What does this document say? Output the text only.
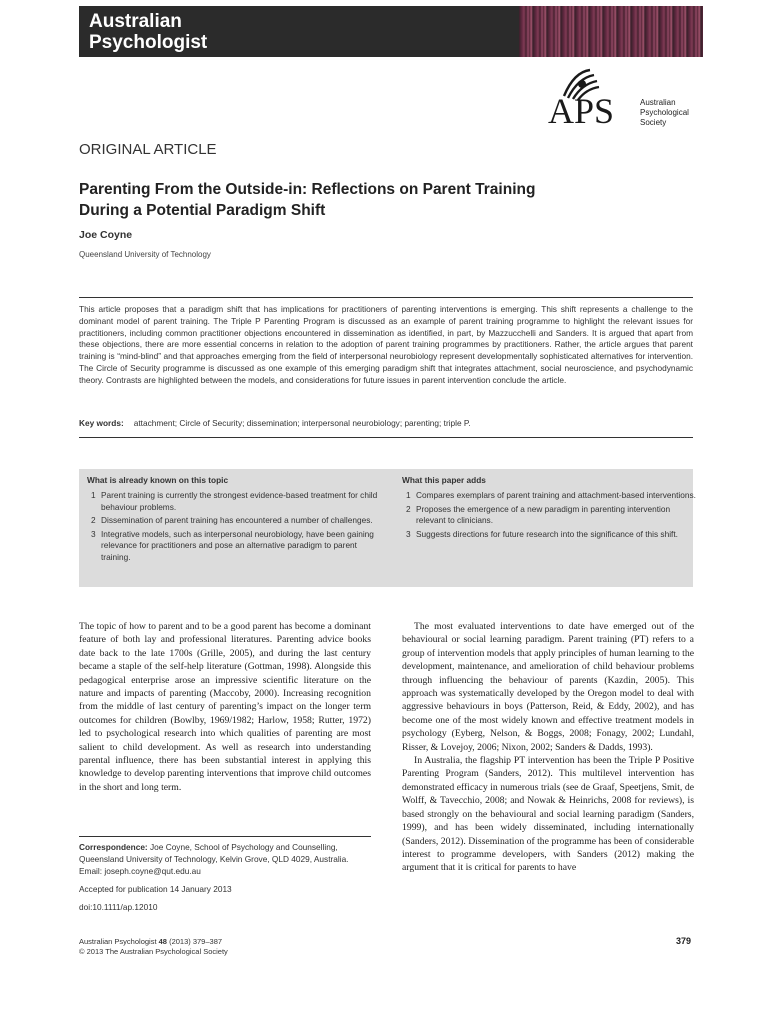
Australian
Psychologist
APS	Australian
Psychological
Society
ORIGINAL ARTICLE
Parenting From the Outside-in: Reflections on Parent Training
During a Potential Paradigm Shift
Joe Coyne
Queensland University of Technology
This article proposes that a paradigm shift that has implications for practitioners of parenting interventions is emerging. This shift represents a challenge to the dominant model of parent training. The Triple P Parenting Program is discussed as an example of parent training programme to highlight the relevant issues for practitioners, including common practitioner objections encountered in dissemination as identified, in part, by Mazzucchelli and Sanders. It is argued that apart from these objections, there are more essential concerns in relation to the adoption of parent training programmes by practitioners. Rather, the article argues that parent training is “mind-blind” and that approaches emerging from the field of interpersonal neurobiology represent developmentally sophisticated alternatives for intervention. The Circle of Security programme is discussed as one example of this emerging paradigm shift that integrates attachment, social neuroscience, and psychodynamic theory. Contrasts are highlighted between the models, and considerations for future issues in parent intervention conclude the article.
Key words: attachment; Circle of Security; dissemination; interpersonal neurobiology; parenting; triple P.
What is already known on this topic
1 Parent training is currently the strongest evidence-based treatment for child behaviour problems.
2 Dissemination of parent training has encountered a number of challenges.
3 Integrative models, such as interpersonal neurobiology, have been gaining relevance for practitioners and pose an alternative paradigm to parent training.
What this paper adds
1 Compares exemplars of parent training and attachment-based interventions.
2 Proposes the emergence of a new paradigm in parenting intervention relevant to clinicians.
3 Suggests directions for future research into the significance of this shift.

The topic of how to parent and to be a good parent has become a dominant feature of both lay and professional literatures. Parenting advice books date back to the late 1700s (Grille, 2005), and during the last century became a staple of the self-help literature (Gottman, 1998). Alongside this pedagogical enterprise arose an impressive scientific literature on the nature and impacts of parenting (Maccoby, 2000). Increasing recognition from the middle of last century of parenting’s impact on the longer term outcomes for children (Bowlby, 1969/1982; Harlow, 1958; Rutter, 1972) led to psychological research into which qualities of parenting are most salient to child development. As well as research into understanding parental influence, there has been substantial interest in applying this knowledge to develop parenting interventions that improve child outcomes in the short and long term.

The most evaluated interventions to date have emerged out of the behavioural or social learning paradigm. Parent training (PT) refers to a group of intervention models that apply principles of human learning to the development, maintenance, and amelioration of child behaviour problems through influencing the behaviour of parents (Kazdin, 2005). This approach was systematically developed by the Oregon model to deal with aggressive behaviours in boys (Patterson, Reid, & Eddy, 2002), and has become one of the most widely known and effective treatment models in psychology (Eyberg, Nelson, & Boggs, 2008; Fonagy, 2002; Lundahl, Risser, & Lovejoy, 2006; Nixon, 2002; Sanders & Dadds, 1993).

In Australia, the flagship PT intervention has been the Triple P Positive Parenting Program (Sanders, 2012). This multilevel intervention has demonstrated efficacy in numerous trials (see de Graaf, Speetjens, Smit, de Wolff, & Tavecchio, 2008; and Nowak & Heinrichs, 2008 for reviews), is based strongly on the behavioural and social learning paradigm (Sanders, 1999), and has been widely disseminated, including internationally (Sanders, 2012). Dissemination of the programme has been of considerable interest to programme developers, with Sanders (2012) making the argument that it is critical for parents to have

Correspondence: Joe Coyne, School of Psychology and Counselling, Queensland University of Technology, Kelvin Grove, QLD 4029, Australia. Email: joseph.coyne@qut.edu.au
Accepted for publication 14 January 2013
doi:10.1111/ap.12010
Australian Psychologist 48 (2013) 379–387
© 2013 The Australian Psychological Society
379
